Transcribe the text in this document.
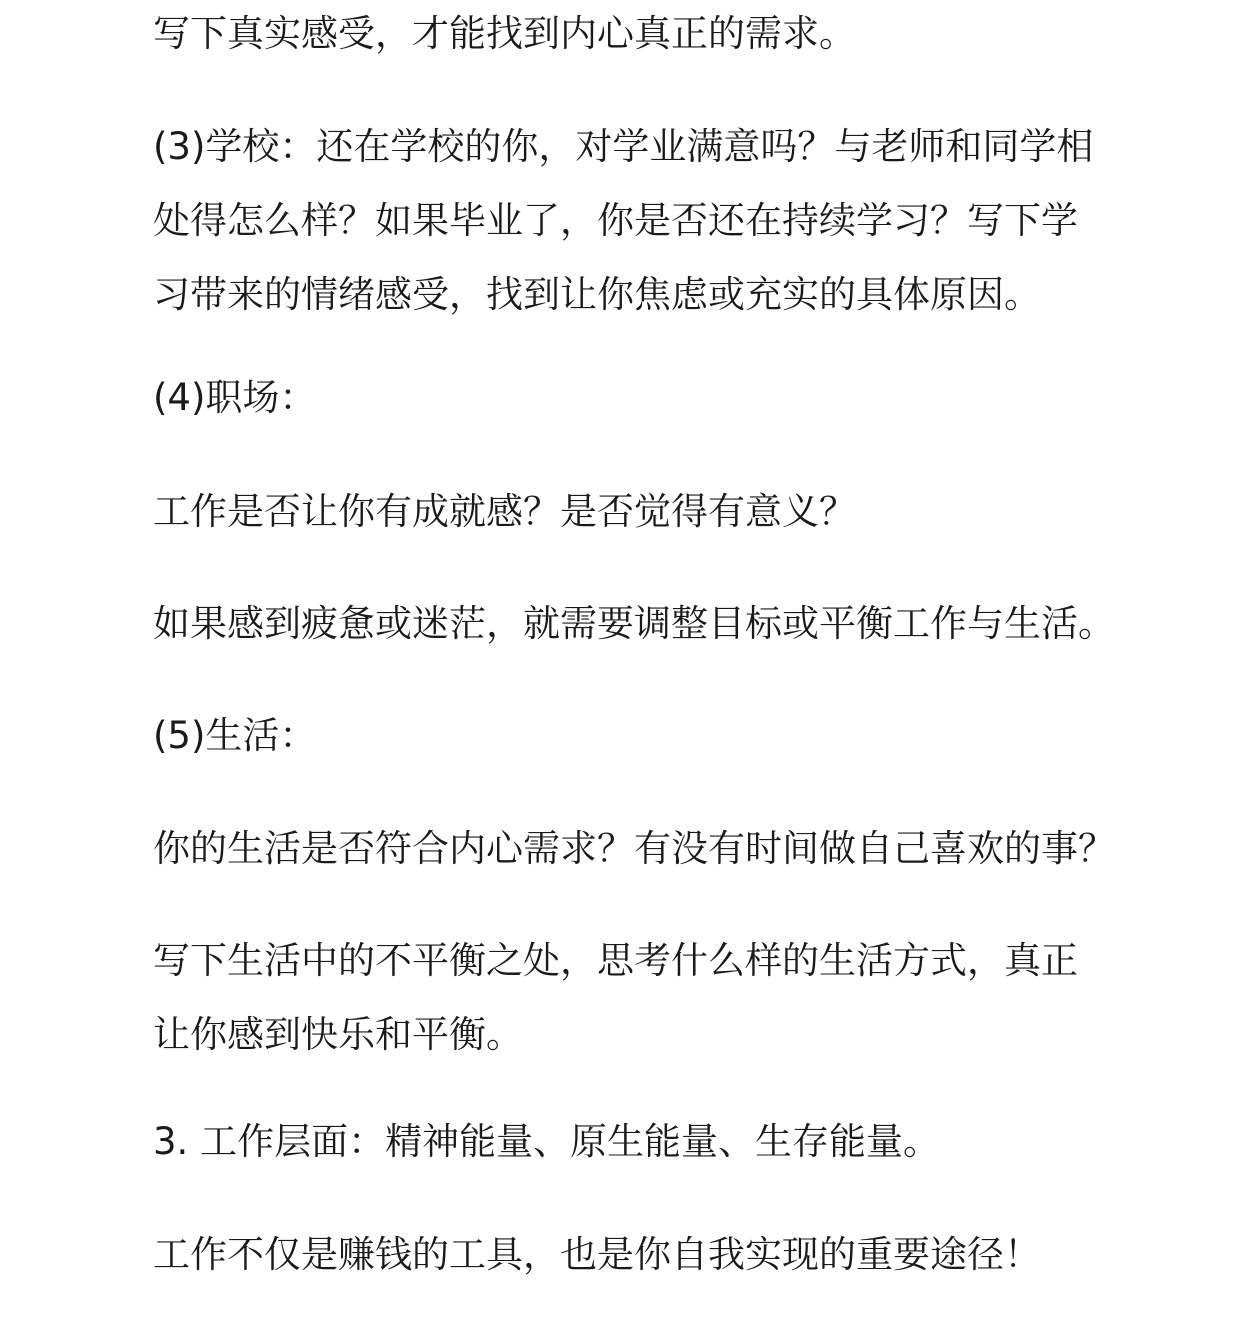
写下真实感受，才能找到内心真正的需求。

(3)学校：还在学校的你，对学业满意吗？与老师和同学相
处得怎么样？如果毕业了，你是否还在持续学习？写下学
习带来的情绪感受，找到让你焦虑或充实的具体原因。

(4)职场：

工作是否让你有成就感？是否觉得有意义？

如果感到疲惫或迷茫，就需要调整目标或平衡工作与生活。

(5)生活：

你的生活是否符合内心需求？有没有时间做自己喜欢的事？

写下生活中的不平衡之处，思考什么样的生活方式，真正
让你感到快乐和平衡。

3. 工作层面：精神能量、原生能量、生存能量。

工作不仅是赚钱的工具，也是你自我实现的重要途径！
